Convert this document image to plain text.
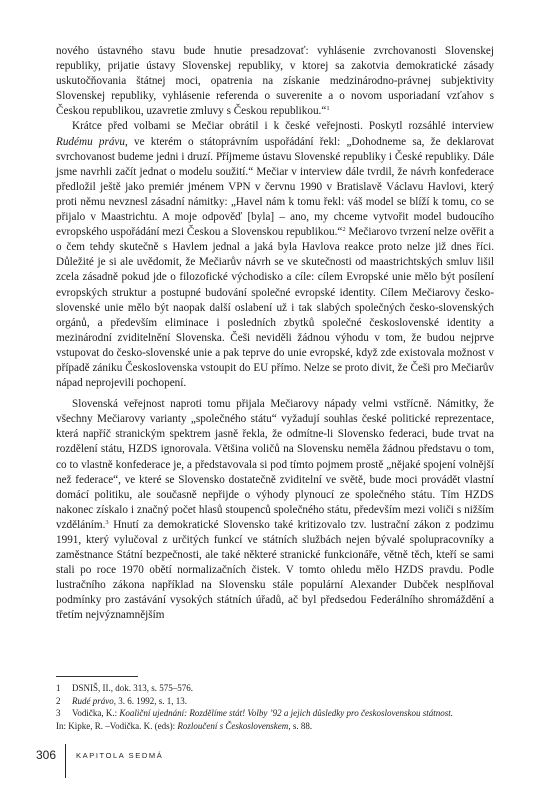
nového ústavného stavu bude hnutie presadzovať: vyhlásenie zvrchovanosti Slovenskej republiky, prijatie ústavy Slovenskej republiky, v ktorej sa zakotvia demokratické zásady uskutočňovania štátnej moci, opatrenia na získanie medzinárodno-právnej subjektivity Slovenskej republiky, vyhlásenie referenda o suverenite a o novom usporiadaní vzťahov s Českou republikou, uzavretie zmluvy s Českou republikou.“$^1$

Krátce před volbami se Mečiar obrátil i k české veřejnosti. Poskytl rozsáhlé interview Rudému právu, ve kterém o státoprávním uspořádání řekl: „Dohodneme sa, že deklarovat svrchovanost budeme jedni i druzí. Příjmeme ústavu Slovenské republiky i České republiky. Dále jsme navrhli začít jednat o modelu soužití.“ Mečiar v interview dále tvrdil, že návrh konfederace předložil ještě jako premiér jménem VPN v červnu 1990 v Bratislavě Václavu Havlovi, který proti němu nevznesl zásadní námitky: „Havel nám k tomu řekl: váš model se blíží k tomu, co se přijalo v Maastrichtu. A moje odpověď [byla] – ano, my chceme vytvořit model budoucího evropského uspořádání mezi Českou a Slovenskou republikou.“$^2$ Mečiarovo tvrzení nelze ověřit a o čem tehdy skutečně s Havlem jednal a jaká byla Havlova reakce proto nelze již dnes říci. Důležité je si ale uvědomit, že Mečiarův návrh se ve skutečnosti od maastrichtských smluv lišil zcela zásadně pokud jde o filozofické východisko a cíle: cílem Evropské unie mělo být posílení evropských struktur a postupné budování společné evropské identity. Cílem Mečiarovy česko-slovenské unie mělo být naopak další oslabení už i tak slabých společných česko-slovenských orgánů, a především eliminace i posledních zbytků společné československé identity a mezinárodní zviditelnění Slovenska. Češi neviděli žádnou výhodu v tom, že budou nejprve vstupovat do česko-slovenské unie a pak teprve do unie evropské, když zde existovala možnost v případě zániku Československa vstoupit do EU přímo. Nelze se proto divit, že Češi pro Mečiarův nápad neprojevili pochopení.

Slovenská veřejnost naproti tomu přijala Mečiarovy nápady velmi vstřícně. Námitky, že všechny Mečiarovy varianty „společného státu“ vyžadují souhlas české politické reprezentace, která napříč stranickým spektrem jasně řekla, že odmítne-li Slovensko federaci, bude trvat na rozdělení státu, HZDS ignorovala. Většina voličů na Slovensku neměla žádnou představu o tom, co to vlastně konfederace je, a představovala si pod tímto pojmem prostě „nějaké spojení volnější než federace“, ve které se Slovensko dostatečně zviditelní ve světě, bude moci provádět vlastní domácí politiku, ale současně nepřijde o výhody plynoucí ze společného státu. Tím HZDS nakonec získalo i značný počet hlasů stoupenců společného státu, především mezi voliči s nižším vzděláním.$^3$ Hnutí za demokratické Slovensko také kritizovalo tzv. lustrační zákon z podzimu 1991, který vylučoval z určitých funkcí ve státních službách nejen bývalé spolupracovníky a zaměstnance Státní bezpečnosti, ale také některé stranické funkcionáře, větně těch, kteří se sami stali po roce 1970 obětí normalizačních čistek. V tomto ohledu mělo HZDS pravdu. Podle lustračního zákona například na Slovensku stále populární Alexander Dubček nesplňoval podmínky pro zastávání vysokých státních úřadů, ač byl předsedou Federálního shromáždění a třetím nejvýznamnějším

1	DSNIŠ, II., dok. 313, s. 575–576.
2	Rudé právo, 3. 6. 1992, s. 1, 13.
3	Vodička, K.: Koaliční ujednání: Rozdělíme stát! Volby ’92 a jejich důsledky pro československou státnost.
In: Kipke, R. –Vodička. K. (eds): Rozloučení s Československem, s. 88.
306	KAPITOLA SEDMÁ
